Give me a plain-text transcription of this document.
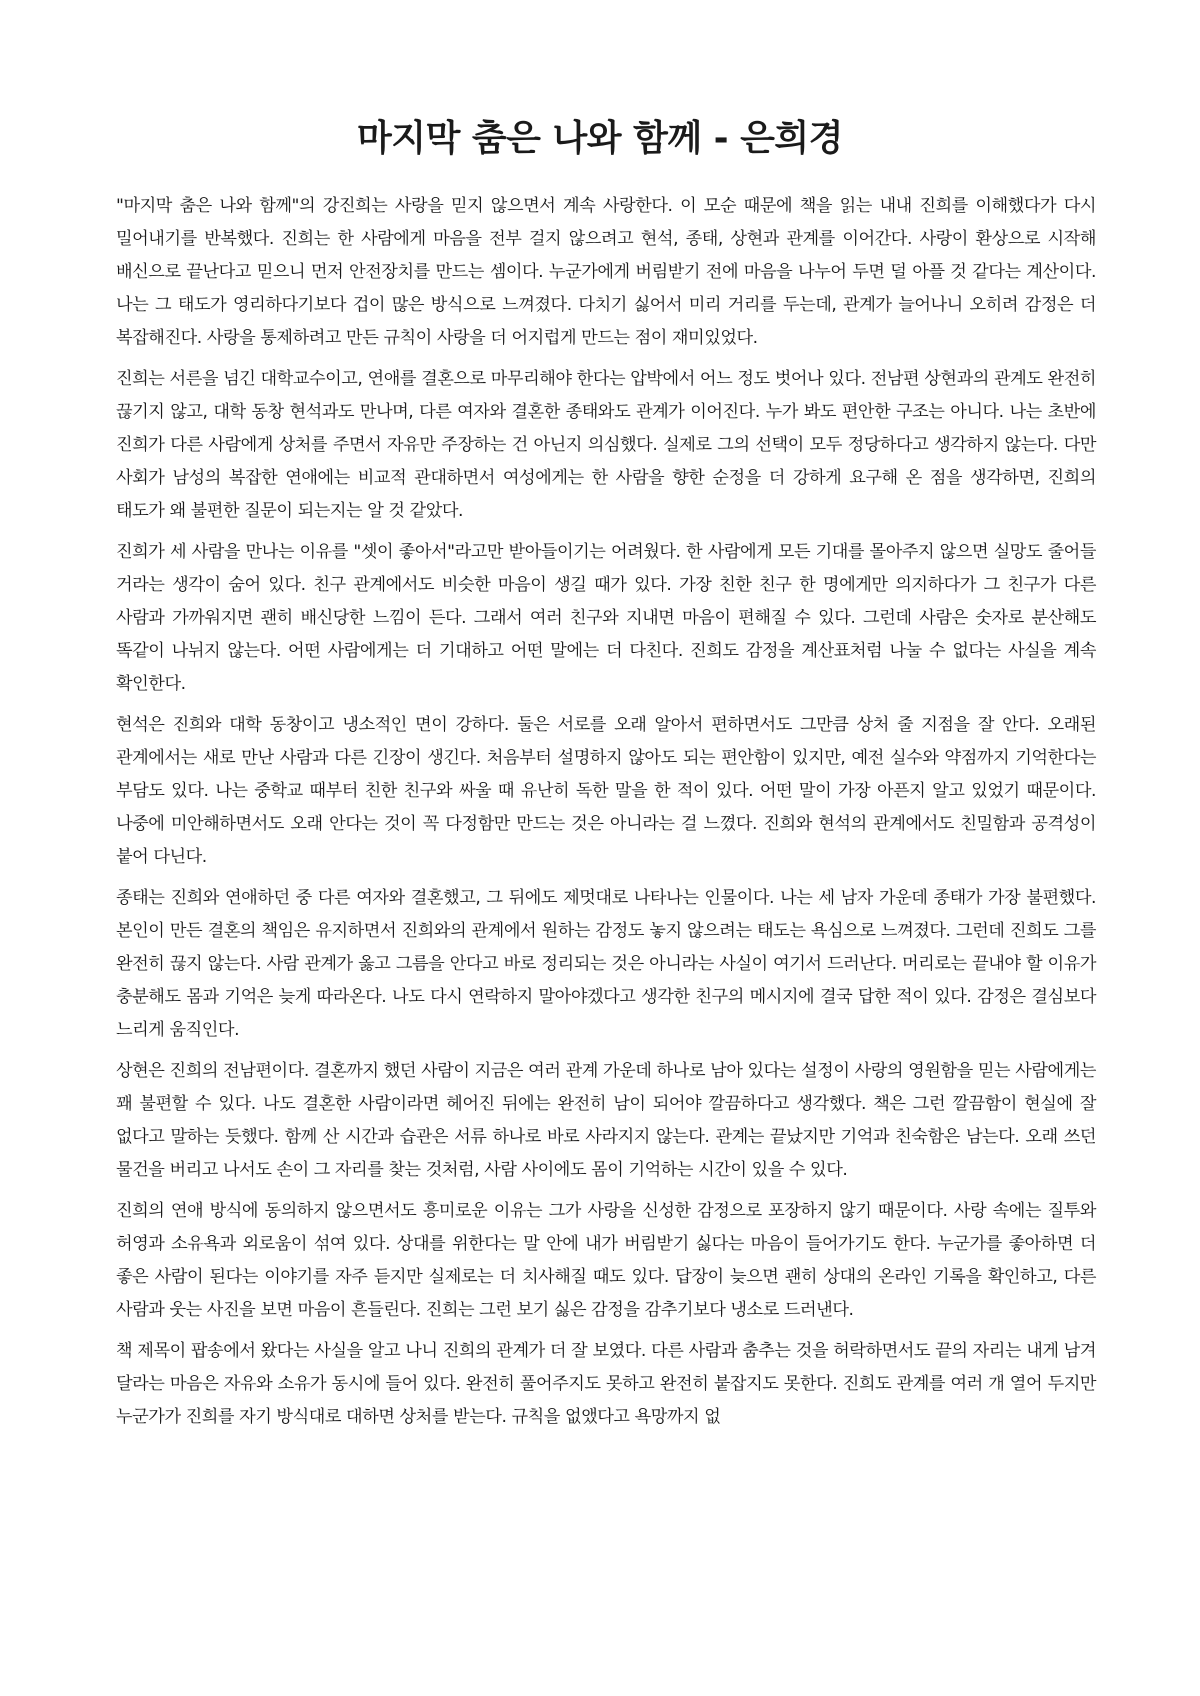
마지막 춤은 나와 함께 - 은희경

"마지막 춤은 나와 함께"의 강진희는 사랑을 믿지 않으면서 계속 사랑한다. 이 모순 때문에 책을 읽는 내내 진희를 이해했다가 다시 밀어내기를 반복했다. 진희는 한 사람에게 마음을 전부 걸지 않으려고 현석, 종태, 상현과 관계를 이어간다. 사랑이 환상으로 시작해 배신으로 끝난다고 믿으니 먼저 안전장치를 만드는 셈이다. 누군가에게 버림받기 전에 마음을 나누어 두면 덜 아플 것 같다는 계산이다. 나는 그 태도가 영리하다기보다 겁이 많은 방식으로 느껴졌다. 다치기 싫어서 미리 거리를 두는데, 관계가 늘어나니 오히려 감정은 더 복잡해진다. 사랑을 통제하려고 만든 규칙이 사랑을 더 어지럽게 만드는 점이 재미있었다.

진희는 서른을 넘긴 대학교수이고, 연애를 결혼으로 마무리해야 한다는 압박에서 어느 정도 벗어나 있다. 전남편 상현과의 관계도 완전히 끊기지 않고, 대학 동창 현석과도 만나며, 다른 여자와 결혼한 종태와도 관계가 이어진다. 누가 봐도 편안한 구조는 아니다. 나는 초반에 진희가 다른 사람에게 상처를 주면서 자유만 주장하는 건 아닌지 의심했다. 실제로 그의 선택이 모두 정당하다고 생각하지 않는다. 다만 사회가 남성의 복잡한 연애에는 비교적 관대하면서 여성에게는 한 사람을 향한 순정을 더 강하게 요구해 온 점을 생각하면, 진희의 태도가 왜 불편한 질문이 되는지는 알 것 같았다.

진희가 세 사람을 만나는 이유를 "셋이 좋아서"라고만 받아들이기는 어려웠다. 한 사람에게 모든 기대를 몰아주지 않으면 실망도 줄어들 거라는 생각이 숨어 있다. 친구 관계에서도 비슷한 마음이 생길 때가 있다. 가장 친한 친구 한 명에게만 의지하다가 그 친구가 다른 사람과 가까워지면 괜히 배신당한 느낌이 든다. 그래서 여러 친구와 지내면 마음이 편해질 수 있다. 그런데 사람은 숫자로 분산해도 똑같이 나뉘지 않는다. 어떤 사람에게는 더 기대하고 어떤 말에는 더 다친다. 진희도 감정을 계산표처럼 나눌 수 없다는 사실을 계속 확인한다.

현석은 진희와 대학 동창이고 냉소적인 면이 강하다. 둘은 서로를 오래 알아서 편하면서도 그만큼 상처 줄 지점을 잘 안다. 오래된 관계에서는 새로 만난 사람과 다른 긴장이 생긴다. 처음부터 설명하지 않아도 되는 편안함이 있지만, 예전 실수와 약점까지 기억한다는 부담도 있다. 나는 중학교 때부터 친한 친구와 싸울 때 유난히 독한 말을 한 적이 있다. 어떤 말이 가장 아픈지 알고 있었기 때문이다. 나중에 미안해하면서도 오래 안다는 것이 꼭 다정함만 만드는 것은 아니라는 걸 느꼈다. 진희와 현석의 관계에서도 친밀함과 공격성이 붙어 다닌다.

종태는 진희와 연애하던 중 다른 여자와 결혼했고, 그 뒤에도 제멋대로 나타나는 인물이다. 나는 세 남자 가운데 종태가 가장 불편했다. 본인이 만든 결혼의 책임은 유지하면서 진희와의 관계에서 원하는 감정도 놓지 않으려는 태도는 욕심으로 느껴졌다. 그런데 진희도 그를 완전히 끊지 않는다. 사람 관계가 옳고 그름을 안다고 바로 정리되는 것은 아니라는 사실이 여기서 드러난다. 머리로는 끝내야 할 이유가 충분해도 몸과 기억은 늦게 따라온다. 나도 다시 연락하지 말아야겠다고 생각한 친구의 메시지에 결국 답한 적이 있다. 감정은 결심보다 느리게 움직인다.

상현은 진희의 전남편이다. 결혼까지 했던 사람이 지금은 여러 관계 가운데 하나로 남아 있다는 설정이 사랑의 영원함을 믿는 사람에게는 꽤 불편할 수 있다. 나도 결혼한 사람이라면 헤어진 뒤에는 완전히 남이 되어야 깔끔하다고 생각했다. 책은 그런 깔끔함이 현실에 잘 없다고 말하는 듯했다. 함께 산 시간과 습관은 서류 하나로 바로 사라지지 않는다. 관계는 끝났지만 기억과 친숙함은 남는다. 오래 쓰던 물건을 버리고 나서도 손이 그 자리를 찾는 것처럼, 사람 사이에도 몸이 기억하는 시간이 있을 수 있다.

진희의 연애 방식에 동의하지 않으면서도 흥미로운 이유는 그가 사랑을 신성한 감정으로 포장하지 않기 때문이다. 사랑 속에는 질투와 허영과 소유욕과 외로움이 섞여 있다. 상대를 위한다는 말 안에 내가 버림받기 싫다는 마음이 들어가기도 한다. 누군가를 좋아하면 더 좋은 사람이 된다는 이야기를 자주 듣지만 실제로는 더 치사해질 때도 있다. 답장이 늦으면 괜히 상대의 온라인 기록을 확인하고, 다른 사람과 웃는 사진을 보면 마음이 흔들린다. 진희는 그런 보기 싫은 감정을 감추기보다 냉소로 드러낸다.

책 제목이 팝송에서 왔다는 사실을 알고 나니 진희의 관계가 더 잘 보였다. 다른 사람과 춤추는 것을 허락하면서도 끝의 자리는 내게 남겨 달라는 마음은 자유와 소유가 동시에 들어 있다. 완전히 풀어주지도 못하고 완전히 붙잡지도 못한다. 진희도 관계를 여러 개 열어 두지만 누군가가 진희를 자기 방식대로 대하면 상처를 받는다. 규칙을 없앴다고 욕망까지 없
